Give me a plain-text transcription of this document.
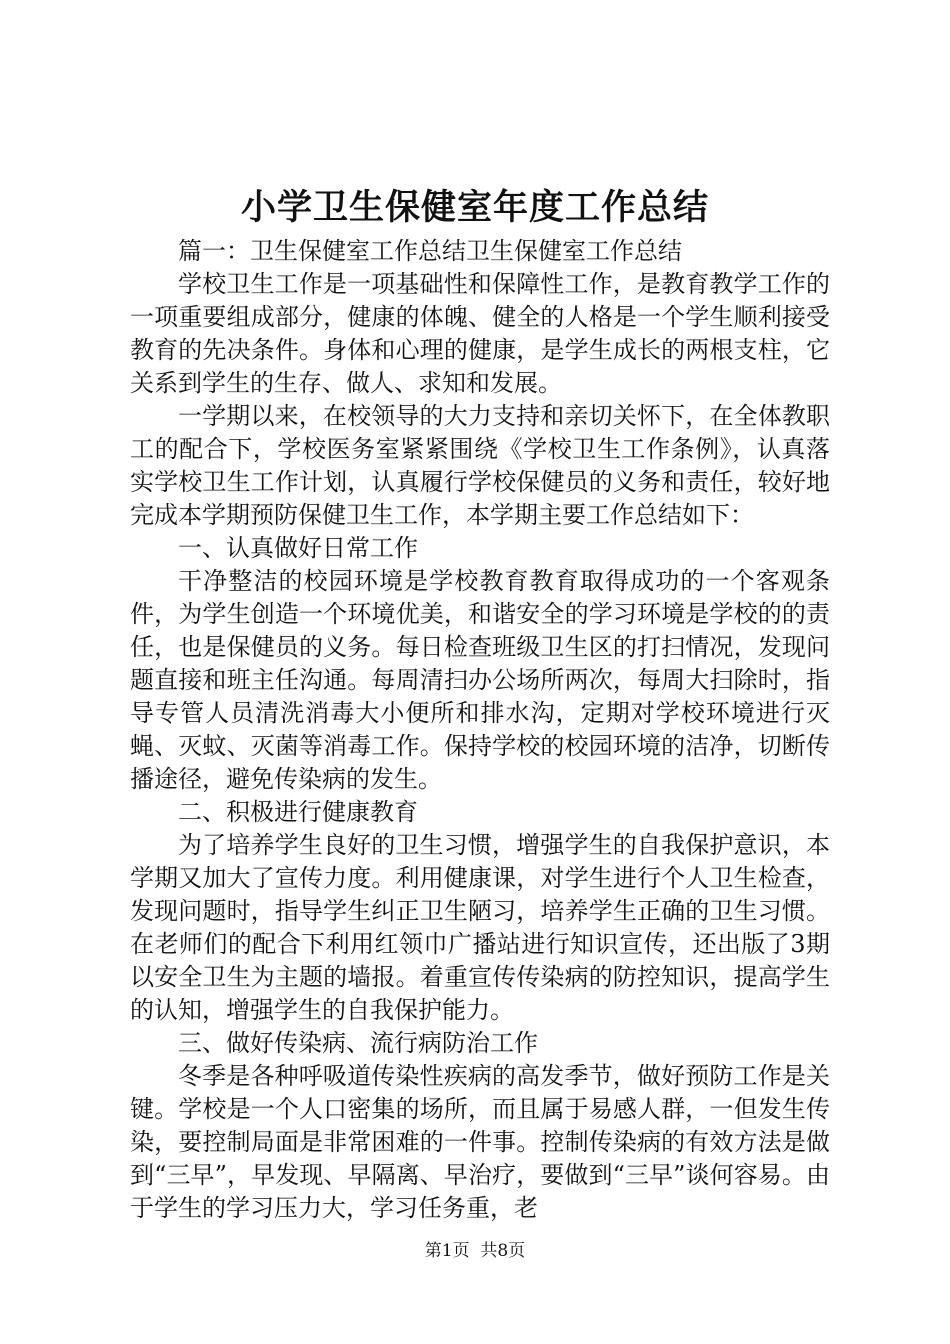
小学卫生保健室年度工作总结

篇一：卫生保健室工作总结卫生保健室工作总结

学校卫生工作是一项基础性和保障性工作，是教育教学工作的一项重要组成部分，健康的体魄、健全的人格是一个学生顺利接受教育的先决条件。身体和心理的健康，是学生成长的两根支柱，它关系到学生的生存、做人、求知和发展。

一学期以来，在校领导的大力支持和亲切关怀下，在全体教职工的配合下，学校医务室紧紧围绕《学校卫生工作条例》，认真落实学校卫生工作计划，认真履行学校保健员的义务和责任，较好地完成本学期预防保健卫生工作，本学期主要工作总结如下：

一、认真做好日常工作

干净整洁的校园环境是学校教育教育取得成功的一个客观条件，为学生创造一个环境优美，和谐安全的学习环境是学校的的责任，也是保健员的义务。每日检查班级卫生区的打扫情况，发现问题直接和班主任沟通。每周清扫办公场所两次，每周大扫除时，指导专管人员清洗消毒大小便所和排水沟，定期对学校环境进行灭蝇、灭蚊、灭菌等消毒工作。保持学校的校园环境的洁净，切断传播途径，避免传染病的发生。

二、积极进行健康教育

为了培养学生良好的卫生习惯，增强学生的自我保护意识，本学期又加大了宣传力度。利用健康课，对学生进行个人卫生检查，发现问题时，指导学生纠正卫生陋习，培养学生正确的卫生习惯。在老师们的配合下利用红领巾广播站进行知识宣传，还出版了3期以安全卫生为主题的墙报。着重宣传传染病的防控知识，提高学生的认知，增强学生的自我保护能力。

三、做好传染病、流行病防治工作

冬季是各种呼吸道传染性疾病的高发季节，做好预防工作是关键。学校是一个人口密集的场所，而且属于易感人群，一但发生传染，要控制局面是非常困难的一件事。控制传染病的有效方法是做到“三早”，早发现、早隔离、早治疗，要做到“三早”谈何容易。由于学生的学习压力大，学习任务重，老

第1页  共8页
